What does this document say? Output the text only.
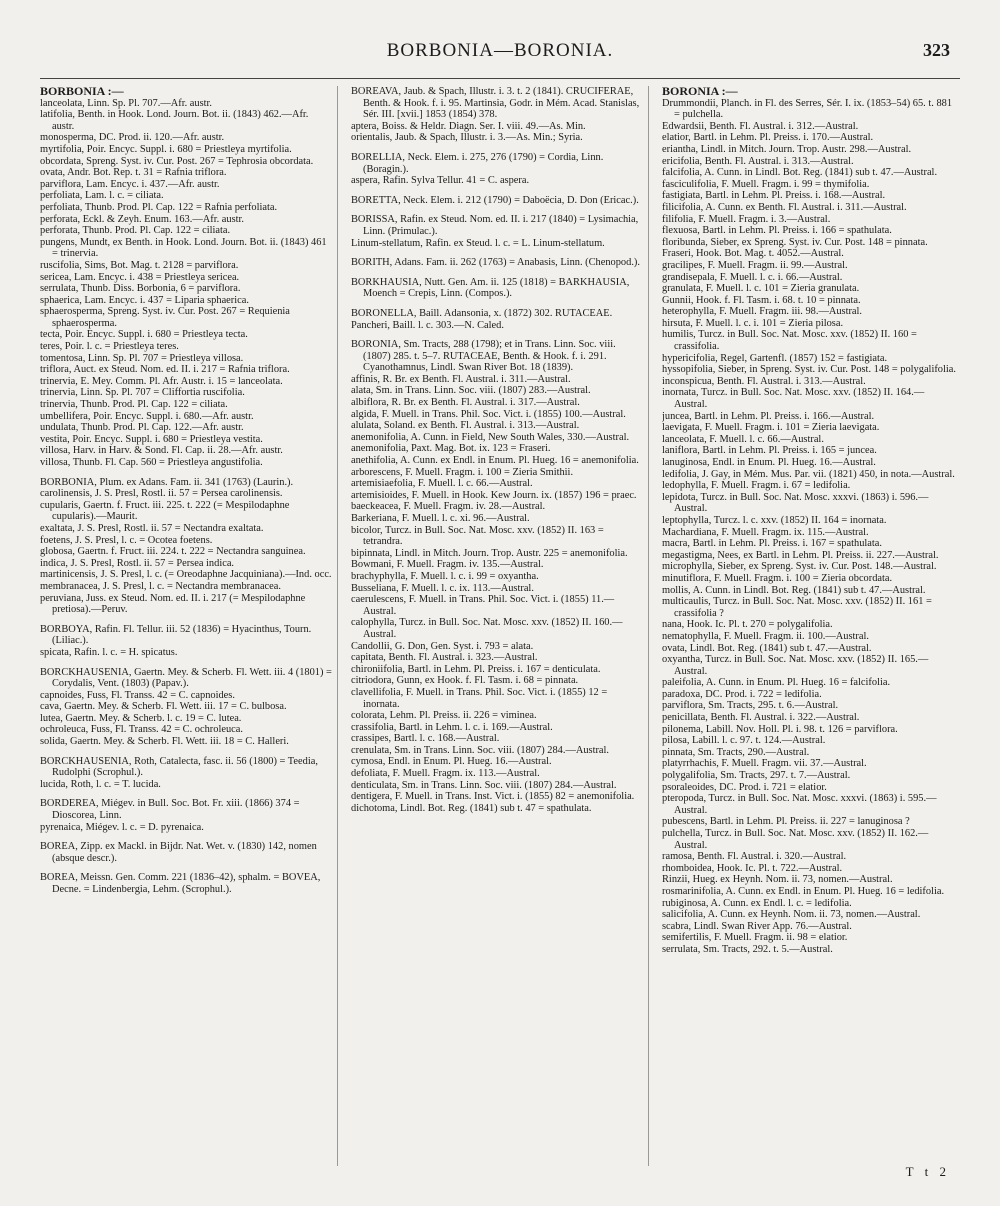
BORBONIA—BORONIA.	323

BORBONIA :—

lanceolata, Linn. Sp. Pl. 707.—Afr. austr.

latifolia, Benth. in Hook. Lond. Journ. Bot. ii. (1843) 462.—Afr. austr.

monosperma, DC. Prod. ii. 120.—Afr. austr.

myrtifolia, Poir. Encyc. Suppl. i. 680 = Priestleya myrtifolia.

obcordata, Spreng. Syst. iv. Cur. Post. 267 = Tephrosia obcordata.

ovata, Andr. Bot. Rep. t. 31 = Rafnia triflora.

parviflora, Lam. Encyc. i. 437.—Afr. austr.

perfoliata, Lam. l. c. = ciliata.

perfoliata, Thunb. Prod. Pl. Cap. 122 = Rafnia perfoliata.

perforata, Eckl. & Zeyh. Enum. 163.—Afr. austr.

perforata, Thunb. Prod. Pl. Cap. 122 = ciliata.

pungens, Mundt, ex Benth. in Hook. Lond. Journ. Bot. ii. (1843) 461 = trinervia.

ruscifolia, Sims, Bot. Mag. t. 2128 = parviflora.

sericea, Lam. Encyc. i. 438 = Priestleya sericea.

serrulata, Thunb. Diss. Borbonia, 6 = parviflora.

sphaerica, Lam. Encyc. i. 437 = Liparia sphaerica.

sphaerosperma, Spreng. Syst. iv. Cur. Post. 267 = Requienia sphaerosperma.

tecta, Poir. Encyc. Suppl. i. 680 = Priestleya tecta.

teres, Poir. l. c. = Priestleya teres.

tomentosa, Linn. Sp. Pl. 707 = Priestleya villosa.

triflora, Auct. ex Steud. Nom. ed. II. i. 217 = Rafnia triflora.

trinervia, E. Mey. Comm. Pl. Afr. Austr. i. 15 = lanceolata.

trinervia, Linn. Sp. Pl. 707 = Cliffortia ruscifolia.

trinervia, Thunb. Prod. Pl. Cap. 122 = ciliata.

umbellifera, Poir. Encyc. Suppl. i. 680.—Afr. austr.

undulata, Thunb. Prod. Pl. Cap. 122.—Afr. austr.

vestita, Poir. Encyc. Suppl. i. 680 = Priestleya vestita.

villosa, Harv. in Harv. & Sond. Fl. Cap. ii. 28.—Afr. austr.

villosa, Thunb. Fl. Cap. 560 = Priestleya angustifolia.

BORBONIA, Plum. ex Adans. Fam. ii. 341 (1763) (Laurin.).

carolinensis, J. S. Presl, Rostl. ii. 57 = Persea carolinensis.

cupularis, Gaertn. f. Fruct. iii. 225. t. 222 (= Mespilodaphne cupularis).—Maurit.

exaltata, J. S. Presl, Rostl. ii. 57 = Nectandra exaltata.

foetens, J. S. Presl, l. c. = Ocotea foetens.

globosa, Gaertn. f. Fruct. iii. 224. t. 222 = Nectandra sanguinea.

indica, J. S. Presl, Rostl. ii. 57 = Persea indica.

martinicensis, J. S. Presl, l. c. (= Oreodaphne Jacquiniana).—Ind. occ.

membranacea, J. S. Presl, l. c. = Nectandra membranacea.

peruviana, Juss. ex Steud. Nom. ed. II. i. 217 (= Mespilodaphne pretiosa).—Peruv.

BORBOYA, Rafin. Fl. Tellur. iii. 52 (1836) = Hyacinthus, Tourn. (Liliac.).

spicata, Rafin. l. c. = H. spicatus.

BORCKHAUSENIA, Gaertn. Mey. & Scherb. Fl. Wett. iii. 4 (1801) = Corydalis, Vent. (1803) (Papav.).

capnoides, Fuss, Fl. Transs. 42 = C. capnoides.

cava, Gaertn. Mey. & Scherb. Fl. Wett. iii. 17 = C. bulbosa.

lutea, Gaertn. Mey. & Scherb. l. c. 19 = C. lutea.

ochroleuca, Fuss, Fl. Transs. 42 = C. ochroleuca.

solida, Gaertn. Mey. & Scherb. Fl. Wett. iii. 18 = C. Halleri.

BORCKHAUSENIA, Roth, Catalecta, fasc. ii. 56 (1800) = Teedia, Rudolphi (Scrophul.).

lucida, Roth, l. c. = T. lucida.

BORDEREA, Miégev. in Bull. Soc. Bot. Fr. xiii. (1866) 374 = Dioscorea, Linn.

pyrenaica, Miégev. l. c. = D. pyrenaica.

BOREA, Zipp. ex Mackl. in Bijdr. Nat. Wet. v. (1830) 142, nomen (absque descr.).

BOREA, Meissn. Gen. Comm. 221 (1836–42), sphalm. = BOVEA, Decne. = Lindenbergia, Lehm. (Scrophul.).

BOREAVA, Jaub. & Spach, Illustr. i. 3. t. 2 (1841). CRUCIFERAE, Benth. & Hook. f. i. 95. Martinsia, Godr. in Mém. Acad. Stanislas, Sér. III. [xvii.] 1853 (1854) 378.

aptera, Boiss. & Heldr. Diagn. Ser. I. viii. 49.—As. Min.

orientalis, Jaub. & Spach, Illustr. i. 3.—As. Min.; Syria.

BORELLIA, Neck. Elem. i. 275, 276 (1790) = Cordia, Linn. (Boragin.).

aspera, Rafin. Sylva Tellur. 41 = C. aspera.

BORETTA, Neck. Elem. i. 212 (1790) = Daboëcia, D. Don (Ericac.).

BORISSA, Rafin. ex Steud. Nom. ed. II. i. 217 (1840) = Lysimachia, Linn. (Primulac.).

Linum-stellatum, Rafin. ex Steud. l. c. = L. Linum-stellatum.

BORITH, Adans. Fam. ii. 262 (1763) = Anabasis, Linn. (Chenopod.).

BORKHAUSIA, Nutt. Gen. Am. ii. 125 (1818) = BARKHAUSIA, Moench = Crepis, Linn. (Compos.).

BORONELLA, Baill. Adansonia, x. (1872) 302. RUTACEAE.

Pancheri, Baill. l. c. 303.—N. Caled.

BORONIA, Sm. Tracts, 288 (1798); et in Trans. Linn. Soc. viii. (1807) 285. t. 5–7. RUTACEAE, Benth. & Hook. f. i. 291. Cyanothamnus, Lindl. Swan River Bot. 18 (1839).

affinis, R. Br. ex Benth. Fl. Austral. i. 311.—Austral.

alata, Sm. in Trans. Linn. Soc. viii. (1807) 283.—Austral.

albiflora, R. Br. ex Benth. Fl. Austral. i. 317.—Austral.

algida, F. Muell. in Trans. Phil. Soc. Vict. i. (1855) 100.—Austral.

alulata, Soland. ex Benth. Fl. Austral. i. 313.—Austral.

anemonifolia, A. Cunn. in Field, New South Wales, 330.—Austral.

anemonifolia, Paxt. Mag. Bot. ix. 123 = Fraseri.

anethifolia, A. Cunn. ex Endl. in Enum. Pl. Hueg. 16 = anemonifolia.

arborescens, F. Muell. Fragm. i. 100 = Zieria Smithii.

artemisiaefolia, F. Muell. l. c. 66.—Austral.

artemisioides, F. Muell. in Hook. Kew Journ. ix. (1857) 196 = praec.

baeckeacea, F. Muell. Fragm. iv. 28.—Austral.

Barkeriana, F. Muell. l. c. xi. 96.—Austral.

bicolor, Turcz. in Bull. Soc. Nat. Mosc. xxv. (1852) II. 163 = tetrandra.

bipinnata, Lindl. in Mitch. Journ. Trop. Austr. 225 = anemonifolia.

Bowmani, F. Muell. Fragm. iv. 135.—Austral.

brachyphylla, F. Muell. l. c. i. 99 = oxyantha.

Busseliana, F. Muell. l. c. ix. 113.—Austral.

caerulescens, F. Muell. in Trans. Phil. Soc. Vict. i. (1855) 11.—Austral.

calophylla, Turcz. in Bull. Soc. Nat. Mosc. xxv. (1852) II. 160.—Austral.

Candollii, G. Don, Gen. Syst. i. 793 = alata.

capitata, Benth. Fl. Austral. i. 323.—Austral.

chironiifolia, Bartl. in Lehm. Pl. Preiss. i. 167 = denticulata.

citriodora, Gunn, ex Hook. f. Fl. Tasm. i. 68 = pinnata.

clavellifolia, F. Muell. in Trans. Phil. Soc. Vict. i. (1855) 12 = inornata.

colorata, Lehm. Pl. Preiss. ii. 226 = viminea.

crassifolia, Bartl. in Lehm. l. c. i. 169.—Austral.

crassipes, Bartl. l. c. 168.—Austral.

crenulata, Sm. in Trans. Linn. Soc. viii. (1807) 284.—Austral.

cymosa, Endl. in Enum. Pl. Hueg. 16.—Austral.

defoliata, F. Muell. Fragm. ix. 113.—Austral.

denticulata, Sm. in Trans. Linn. Soc. viii. (1807) 284.—Austral.

dentigera, F. Muell. in Trans. Inst. Vict. i. (1855) 82 = anemonifolia.

dichotoma, Lindl. Bot. Reg. (1841) sub t. 47 = spathulata.

BORONIA :—

Drummondii, Planch. in Fl. des Serres, Sér. I. ix. (1853–54) 65. t. 881 = pulchella.

Edwardsii, Benth. Fl. Austral. i. 312.—Austral.

elatior, Bartl. in Lehm. Pl. Preiss. i. 170.—Austral.

eriantha, Lindl. in Mitch. Journ. Trop. Austr. 298.—Austral.

ericifolia, Benth. Fl. Austral. i. 313.—Austral.

falcifolia, A. Cunn. in Lindl. Bot. Reg. (1841) sub t. 47.—Austral.

fasciculifolia, F. Muell. Fragm. i. 99 = thymifolia.

fastigiata, Bartl. in Lehm. Pl. Preiss. i. 168.—Austral.

filicifolia, A. Cunn. ex Benth. Fl. Austral. i. 311.—Austral.

filifolia, F. Muell. Fragm. i. 3.—Austral.

flexuosa, Bartl. in Lehm. Pl. Preiss. i. 166 = spathulata.

floribunda, Sieber, ex Spreng. Syst. iv. Cur. Post. 148 = pinnata.

Fraseri, Hook. Bot. Mag. t. 4052.—Austral.

gracilipes, F. Muell. Fragm. ii. 99.—Austral.

grandisepala, F. Muell. l. c. i. 66.—Austral.

granulata, F. Muell. l. c. 101 = Zieria granulata.

Gunnii, Hook. f. Fl. Tasm. i. 68. t. 10 = pinnata.

heterophylla, F. Muell. Fragm. iii. 98.—Austral.

hirsuta, F. Muell. l. c. i. 101 = Zieria pilosa.

humilis, Turcz. in Bull. Soc. Nat. Mosc. xxv. (1852) II. 160 = crassifolia.

hypericifolia, Regel, Gartenfl. (1857) 152 = fastigiata.

hyssopifolia, Sieber, in Spreng. Syst. iv. Cur. Post. 148 = polygalifolia.

inconspicua, Benth. Fl. Austral. i. 313.—Austral.

inornata, Turcz. in Bull. Soc. Nat. Mosc. xxv. (1852) II. 164.—Austral.

juncea, Bartl. in Lehm. Pl. Preiss. i. 166.—Austral.

laevigata, F. Muell. Fragm. i. 101 = Zieria laevigata.

lanceolata, F. Muell. l. c. 66.—Austral.

laniflora, Bartl. in Lehm. Pl. Preiss. i. 165 = juncea.

lanuginosa, Endl. in Enum. Pl. Hueg. 16.—Austral.

ledifolia, J. Gay, in Mém. Mus. Par. vii. (1821) 450, in nota.—Austral.

ledophylla, F. Muell. Fragm. i. 67 = ledifolia.

lepidota, Turcz. in Bull. Soc. Nat. Mosc. xxxvi. (1863) i. 596.—Austral.

leptophylla, Turcz. l. c. xxv. (1852) II. 164 = inornata.

Machardiana, F. Muell. Fragm. ix. 115.—Austral.

macra, Bartl. in Lehm. Pl. Preiss. i. 167 = spathulata.

megastigma, Nees, ex Bartl. in Lehm. Pl. Preiss. ii. 227.—Austral.

microphylla, Sieber, ex Spreng. Syst. iv. Cur. Post. 148.—Austral.

minutiflora, F. Muell. Fragm. i. 100 = Zieria obcordata.

mollis, A. Cunn. in Lindl. Bot. Reg. (1841) sub t. 47.—Austral.

multicaulis, Turcz. in Bull. Soc. Nat. Mosc. xxv. (1852) II. 161 = crassifolia ?

nana, Hook. Ic. Pl. t. 270 = polygalifolia.

nematophylla, F. Muell. Fragm. ii. 100.—Austral.

ovata, Lindl. Bot. Reg. (1841) sub t. 47.—Austral.

oxyantha, Turcz. in Bull. Soc. Nat. Mosc. xxv. (1852) II. 165.—Austral.

paleifolia, A. Cunn. in Enum. Pl. Hueg. 16 = falcifolia.

paradoxa, DC. Prod. i. 722 = ledifolia.

parviflora, Sm. Tracts, 295. t. 6.—Austral.

penicillata, Benth. Fl. Austral. i. 322.—Austral.

pilonema, Labill. Nov. Holl. Pl. i. 98. t. 126 = parviflora.

pilosa, Labill. l. c. 97. t. 124.—Austral.

pinnata, Sm. Tracts, 290.—Austral.

platyrrhachis, F. Muell. Fragm. vii. 37.—Austral.

polygalifolia, Sm. Tracts, 297. t. 7.—Austral.

psoraleoides, DC. Prod. i. 721 = elatior.

pteropoda, Turcz. in Bull. Soc. Nat. Mosc. xxxvi. (1863) i. 595.—Austral.

pubescens, Bartl. in Lehm. Pl. Preiss. ii. 227 = lanuginosa ?

pulchella, Turcz. in Bull. Soc. Nat. Mosc. xxv. (1852) II. 162.—Austral.

ramosa, Benth. Fl. Austral. i. 320.—Austral.

rhomboidea, Hook. Ic. Pl. t. 722.—Austral.

Rinzii, Hueg. ex Heynh. Nom. ii. 73, nomen.—Austral.

rosmarinifolia, A. Cunn. ex Endl. in Enum. Pl. Hueg. 16 = ledifolia.

rubiginosa, A. Cunn. ex Endl. l. c. = ledifolia.

salicifolia, A. Cunn. ex Heynh. Nom. ii. 73, nomen.—Austral.

scabra, Lindl. Swan River App. 76.—Austral.

semifertilis, F. Muell. Fragm. ii. 98 = elatior.

serrulata, Sm. Tracts, 292. t. 5.—Austral.

T t 2
